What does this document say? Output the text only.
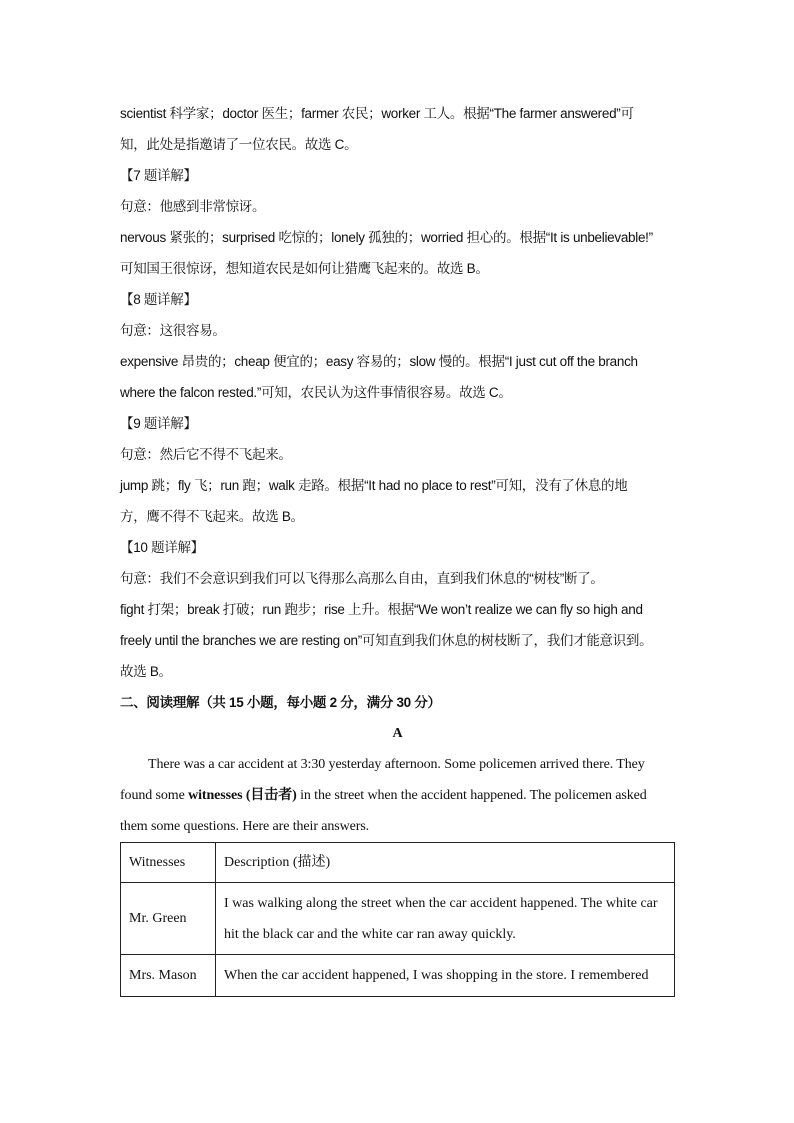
scientist 科学家；doctor 医生；farmer 农民；worker 工人。根据“The farmer answered”可
知，此处是指邀请了一位农民。故选 C。
【7 题详解】
句意：他感到非常惊讶。
nervous 紧张的；surprised 吃惊的；lonely 孤独的；worried 担心的。根据“It is unbelievable!”
可知国王很惊讶，想知道农民是如何让猎鹰飞起来的。故选 B。
【8 题详解】
句意：这很容易。
expensive 昂贵的；cheap 便宜的；easy 容易的；slow 慢的。根据“I just cut off the branch
where the falcon rested.”可知，农民认为这件事情很容易。故选 C。
【9 题详解】
句意：然后它不得不飞起来。
jump 跳；fly 飞；run 跑；walk 走路。根据“It had no place to rest”可知，没有了休息的地
方，鹰不得不飞起来。故选 B。
【10 题详解】
句意：我们不会意识到我们可以飞得那么高那么自由，直到我们休息的“树枝”断了。
fight 打架；break 打破；run 跑步；rise 上升。根据“We won’t realize we can fly so high and
freely until the branches we are resting on”可知直到我们休息的树枝断了，我们才能意识到。
故选 B。
二、阅读理解（共 15 小题，每小题 2 分，满分 30 分）
A
There was a car accident at 3:30 yesterday afternoon. Some policemen arrived there. They
found some witnesses (目击者) in the street when the accident happened. The policemen asked
them some questions. Here are their answers.
Witnesses	Description (描述)
Mr. Green	I was walking along the street when the car accident happened. The white car hit the black car and the white car ran away quickly.
Mrs. Mason	When the car accident happened, I was shopping in the store. I remembered
